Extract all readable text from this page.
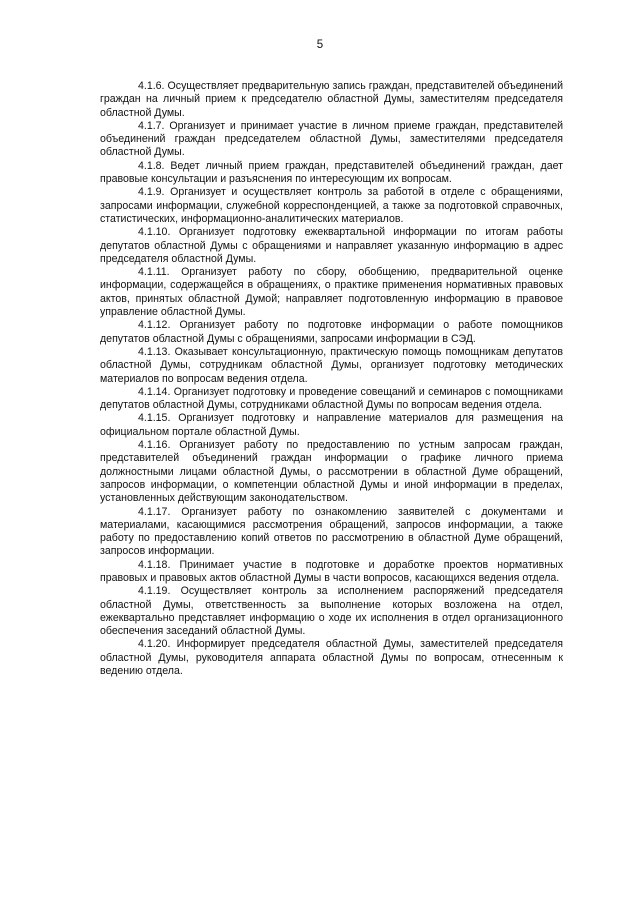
5

4.1.6. Осуществляет предварительную запись граждан, представителей объединений граждан на личный прием к председателю областной Думы, заместителям председателя областной Думы.

4.1.7. Организует и принимает участие в личном приеме граждан, представителей объединений граждан председателем областной Думы, заместителями председателя областной Думы.

4.1.8. Ведет личный прием граждан, представителей объединений граждан, дает правовые консультации и разъяснения по интересующим их вопросам.

4.1.9. Организует и осуществляет контроль за работой в отделе с обращениями, запросами информации, служебной корреспонденцией, а также за подготовкой справочных, статистических, информационно-аналитических материалов.

4.1.10. Организует подготовку ежеквартальной информации по итогам работы депутатов областной Думы с обращениями и направляет указанную информацию в адрес председателя областной Думы.

4.1.11. Организует работу по сбору, обобщению, предварительной оценке информации, содержащейся в обращениях, о практике применения нормативных правовых актов, принятых областной Думой; направляет подготовленную информацию в правовое управление областной Думы.

4.1.12. Организует работу по подготовке информации о работе помощников депутатов областной Думы с обращениями, запросами информации в СЭД.

4.1.13. Оказывает консультационную, практическую помощь помощникам депутатов областной Думы, сотрудникам областной Думы, организует подготовку методических материалов по вопросам ведения отдела.

4.1.14. Организует подготовку и проведение совещаний и семинаров с помощниками депутатов областной Думы, сотрудниками областной Думы по вопросам ведения отдела.

4.1.15. Организует подготовку и направление материалов для размещения на официальном портале областной Думы.

4.1.16. Организует работу по предоставлению по устным запросам граждан, представителей объединений граждан информации о графике личного приема должностными лицами областной Думы, о рассмотрении в областной Думе обращений, запросов информации, о компетенции областной Думы и иной информации в пределах, установленных действующим законодательством.

4.1.17. Организует работу по ознакомлению заявителей с документами и материалами, касающимися рассмотрения обращений, запросов информации, а также работу по предоставлению копий ответов по рассмотрению в областной Думе обращений, запросов информации.

4.1.18. Принимает участие в подготовке и доработке проектов нормативных правовых и правовых актов областной Думы в части вопросов, касающихся ведения отдела.

4.1.19. Осуществляет контроль за исполнением распоряжений председателя областной Думы, ответственность за выполнение которых возложена на отдел, ежеквартально представляет информацию о ходе их исполнения в отдел организационного обеспечения заседаний областной Думы.

4.1.20. Информирует председателя областной Думы, заместителей председателя областной Думы, руководителя аппарата областной Думы по вопросам, отнесенным к ведению отдела.
